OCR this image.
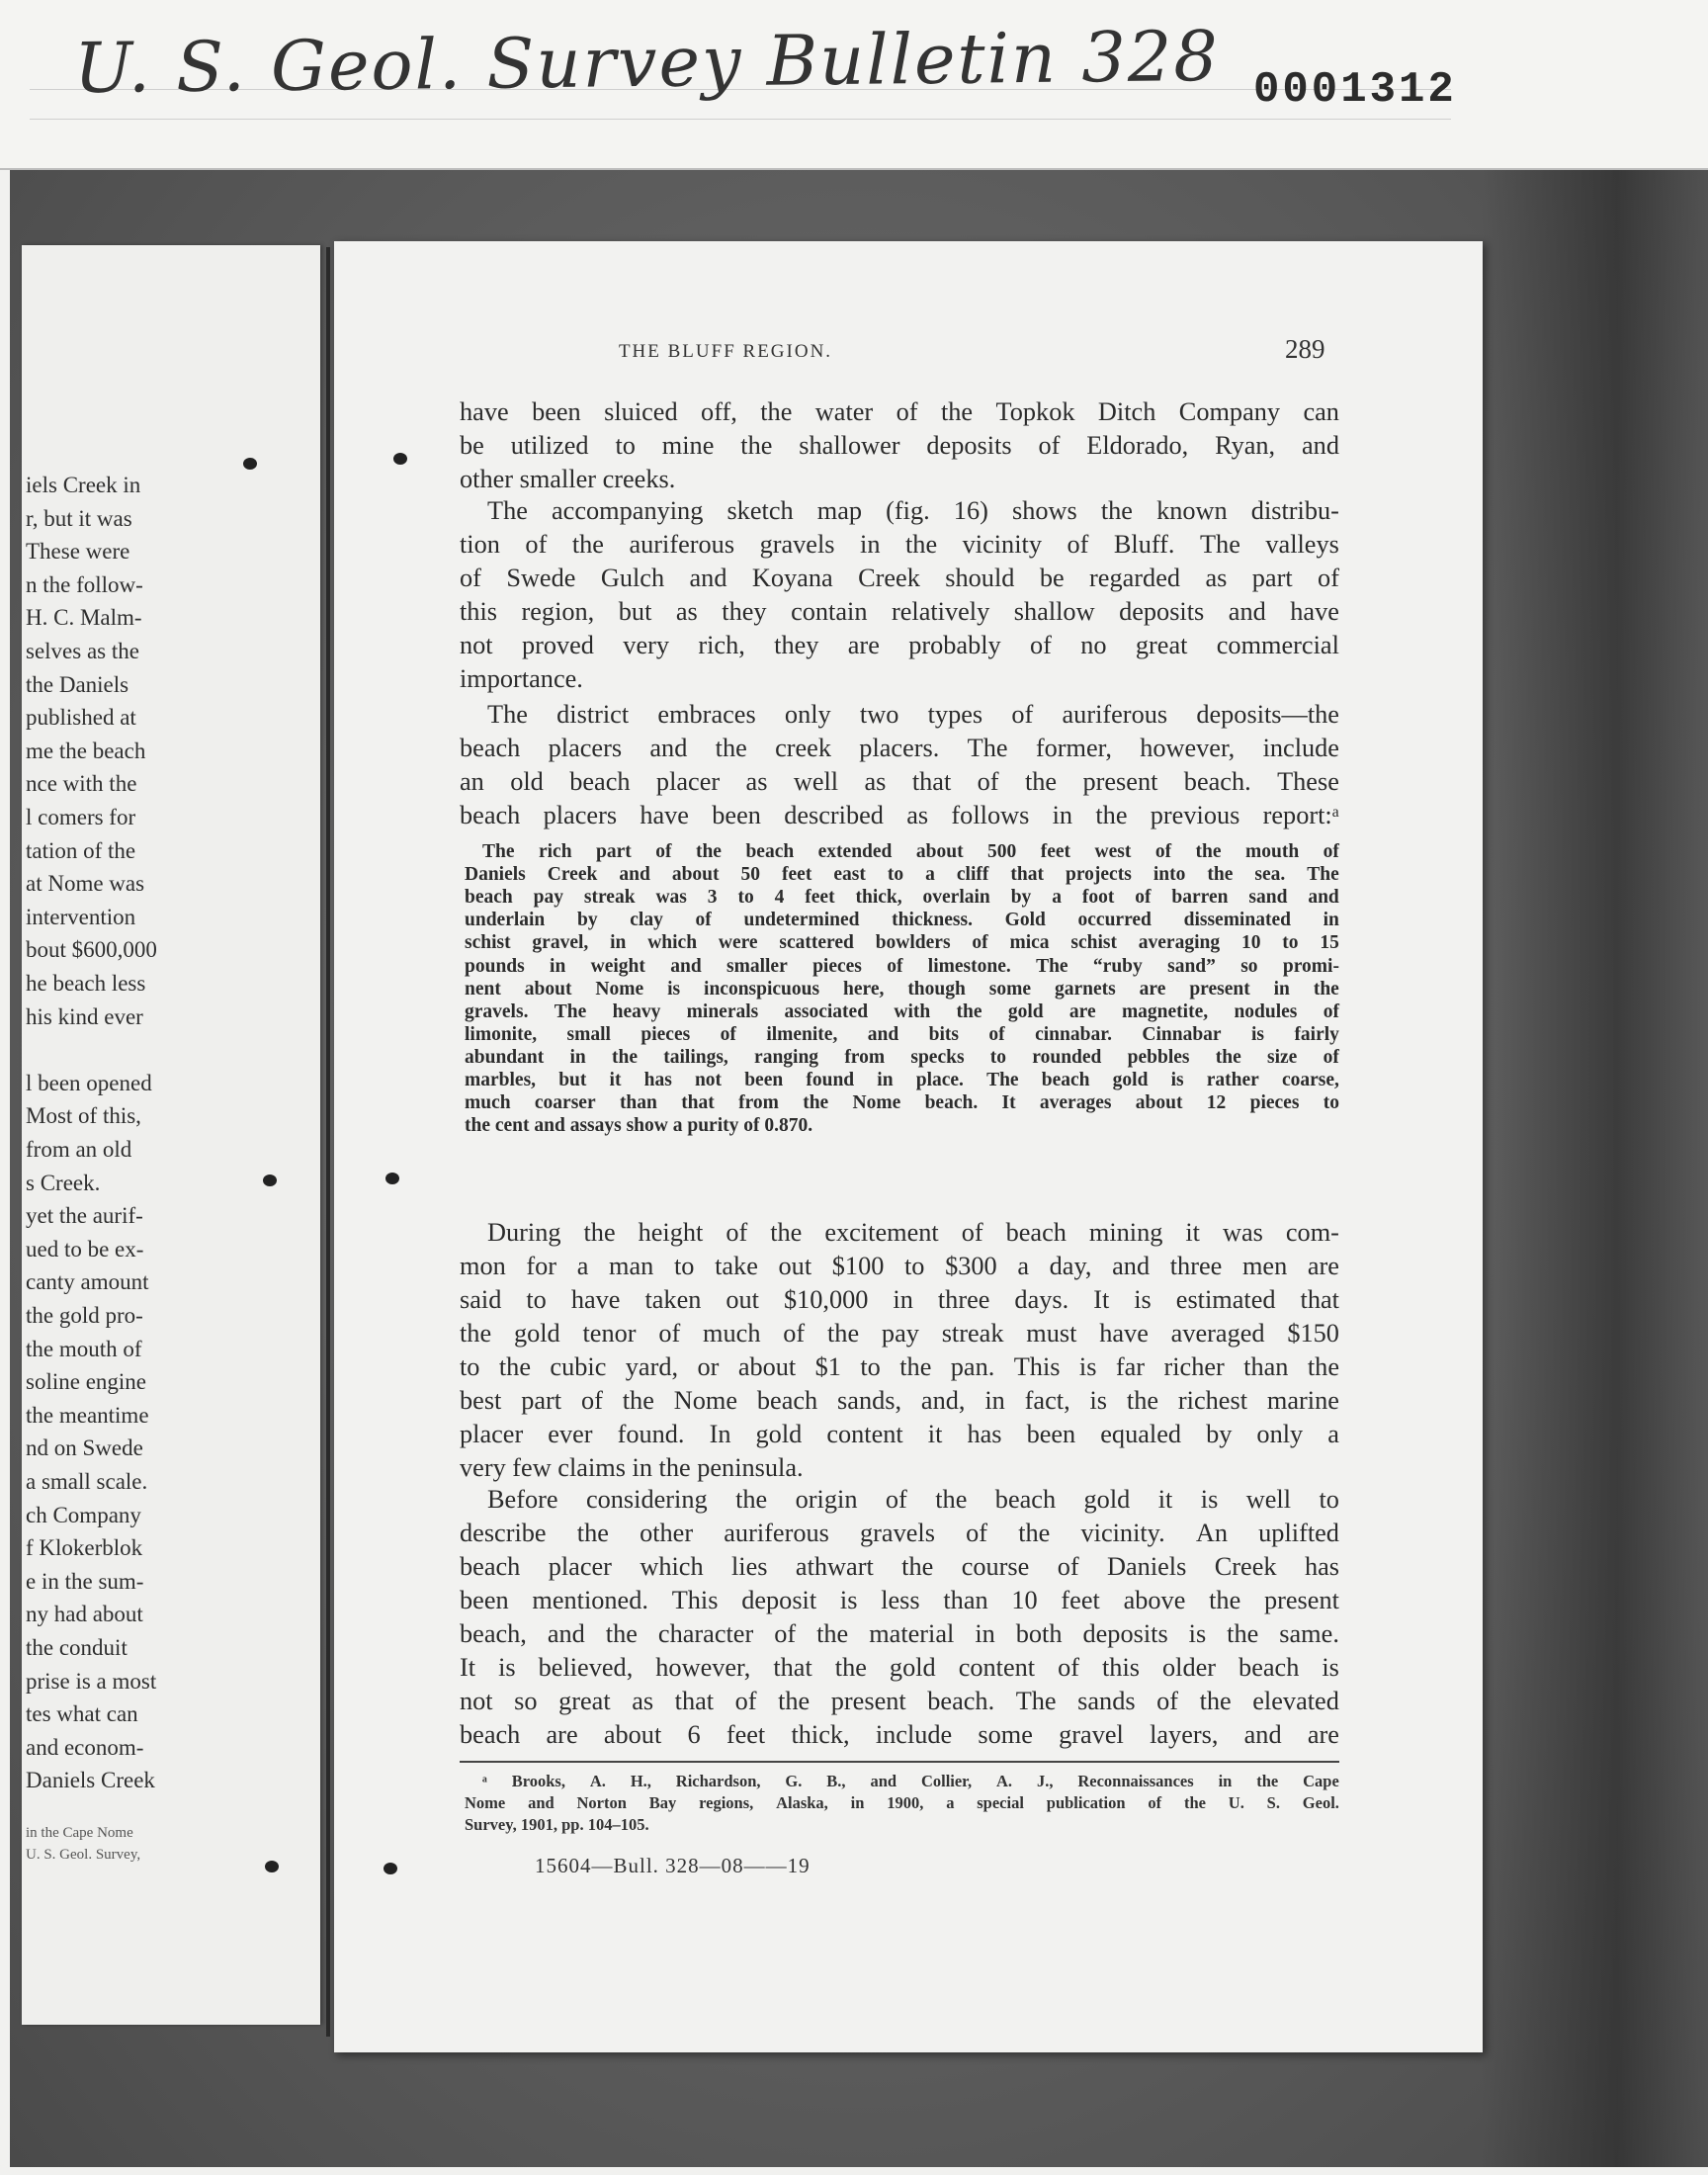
U. S. Geol. Survey Bulletin 328 0001312
iels Creek in
r, but it was
These were
n the follow-
H. C. Malm-
selves as the
the Daniels
published at
me the beach
nce with the
l comers for
tation of the
at Nome was
intervention
bout $600,000
he beach less
his kind ever
l been opened
Most of this,
from an old
s Creek.
yet the aurif-
ued to be ex-
canty amount
the gold pro-
the mouth of
soline engine
the meantime
nd on Swede
a small scale.
ch Company
f Klokerblok
e in the sum-
ny had about
the conduit
prise is a most
tes what can
and econom-
Daniels Creek
in the Cape Nome
U. S. Geol. Survey,
THE BLUFF REGION.	289
have been sluiced off, the water of the Topkok Ditch Company can
be utilized to mine the shallower deposits of Eldorado, Ryan, and
other smaller creeks.
The accompanying sketch map (fig. 16) shows the known distribu-
tion of the auriferous gravels in the vicinity of Bluff. The valleys
of Swede Gulch and Koyana Creek should be regarded as part of
this region, but as they contain relatively shallow deposits and have
not proved very rich, they are probably of no great commercial
importance.
The district embraces only two types of auriferous deposits—the
beach placers and the creek placers. The former, however, include
an old beach placer as well as that of the present beach. These
beach placers have been described as follows in the previous report:ᵃ
The rich part of the beach extended about 500 feet west of the mouth of
Daniels Creek and about 50 feet east to a cliff that projects into the sea. The
beach pay streak was 3 to 4 feet thick, overlain by a foot of barren sand and
underlain by clay of undetermined thickness. Gold occurred disseminated in
schist gravel, in which were scattered bowlders of mica schist averaging 10 to 15
pounds in weight and smaller pieces of limestone. The “ruby sand” so promi-
nent about Nome is inconspicuous here, though some garnets are present in the
gravels. The heavy minerals associated with the gold are magnetite, nodules of
limonite, small pieces of ilmenite, and bits of cinnabar. Cinnabar is fairly
abundant in the tailings, ranging from specks to rounded pebbles the size of
marbles, but it has not been found in place. The beach gold is rather coarse,
much coarser than that from the Nome beach. It averages about 12 pieces to
the cent and assays show a purity of 0.870.
During the height of the excitement of beach mining it was com-
mon for a man to take out $100 to $300 a day, and three men are
said to have taken out $10,000 in three days. It is estimated that
the gold tenor of much of the pay streak must have averaged $150
to the cubic yard, or about $1 to the pan. This is far richer than the
best part of the Nome beach sands, and, in fact, is the richest marine
placer ever found. In gold content it has been equaled by only a
very few claims in the peninsula.
Before considering the origin of the beach gold it is well to
describe the other auriferous gravels of the vicinity. An uplifted
beach placer which lies athwart the course of Daniels Creek has
been mentioned. This deposit is less than 10 feet above the present
beach, and the character of the material in both deposits is the same.
It is believed, however, that the gold content of this older beach is
not so great as that of the present beach. The sands of the elevated
beach are about 6 feet thick, include some gravel layers, and are
ᵃ Brooks, A. H., Richardson, G. B., and Collier, A. J., Reconnaissances in the Cape
Nome and Norton Bay regions, Alaska, in 1900, a special publication of the U. S. Geol.
Survey, 1901, pp. 104–105.
15604—Bull. 328—08——19
